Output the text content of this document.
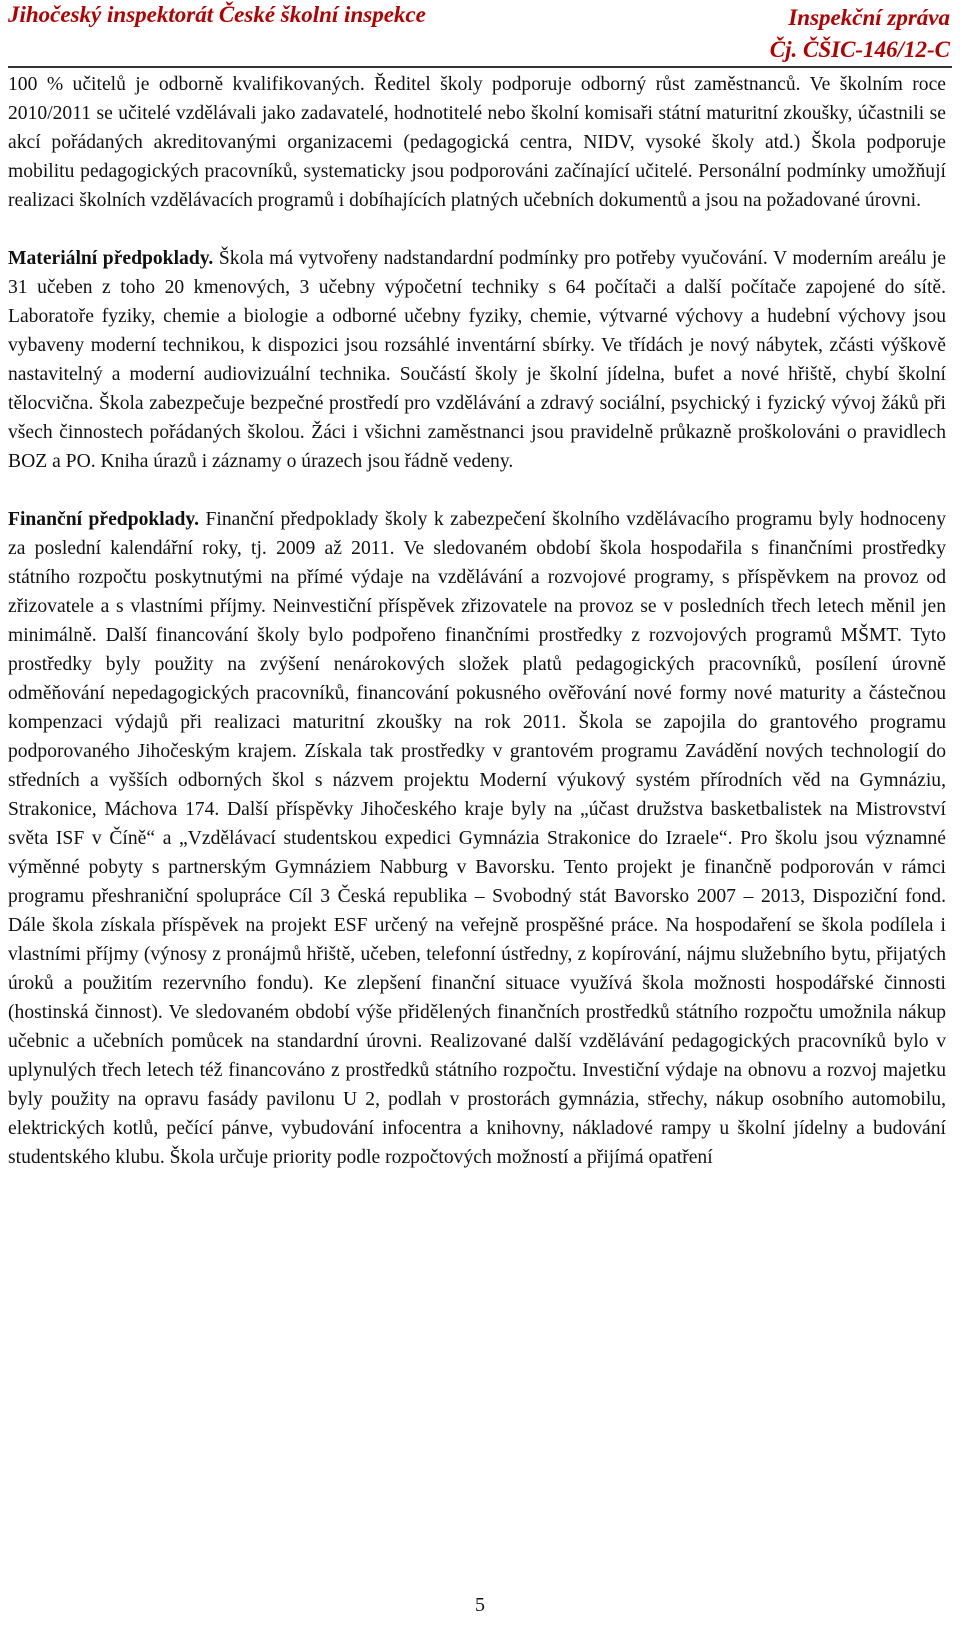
Jihočeský inspektorát České školní inspekce	Inspekční zpráva
Čj. ČŠIC-146/12-C

100 % učitelů je odborně kvalifikovaných. Ředitel školy podporuje odborný růst zaměstnanců. Ve školním roce 2010/2011 se učitelé vzdělávali jako zadavatelé, hodnotitelé nebo školní komisaři státní maturitní zkoušky, účastnili se akcí pořádaných akreditovanými organizacemi (pedagogická centra, NIDV, vysoké školy atd.) Škola podporuje mobilitu pedagogických pracovníků, systematicky jsou podporováni začínající učitelé. Personální podmínky umožňují realizaci školních vzdělávacích programů i dobíhajících platných učebních dokumentů a jsou na požadované úrovni.

Materiální předpoklady. Škola má vytvořeny nadstandardní podmínky pro potřeby vyučování. V moderním areálu je 31 učeben z toho 20 kmenových, 3 učebny výpočetní techniky s 64 počítači a další počítače zapojené do sítě. Laboratoře fyziky, chemie a biologie a odborné učebny fyziky, chemie, výtvarné výchovy a hudební výchovy jsou vybaveny moderní technikou, k dispozici jsou rozsáhlé inventární sbírky. Ve třídách je nový nábytek, zčásti výškově nastavitelný a moderní audiovizuální technika. Součástí školy je školní jídelna, bufet a nové hřiště, chybí školní tělocvična. Škola zabezpečuje bezpečné prostředí pro vzdělávání a zdravý sociální, psychický i fyzický vývoj žáků při všech činnostech pořádaných školou. Žáci i všichni zaměstnanci jsou pravidelně průkazně proškolováni o pravidlech BOZ a PO. Kniha úrazů i záznamy o úrazech jsou řádně vedeny.

Finanční předpoklady. Finanční předpoklady školy k zabezpečení školního vzdělávacího programu byly hodnoceny za poslední kalendářní roky, tj. 2009 až 2011. Ve sledovaném období škola hospodařila s finančními prostředky státního rozpočtu poskytnutými na přímé výdaje na vzdělávání a rozvojové programy, s příspěvkem na provoz od zřizovatele a s vlastními příjmy. Neinvestiční příspěvek zřizovatele na provoz se v posledních třech letech měnil jen minimálně. Další financování školy bylo podpořeno finančními prostředky z rozvojových programů MŠMT. Tyto prostředky byly použity na zvýšení nenárokových složek platů pedagogických pracovníků, posílení úrovně odměňování nepedagogických pracovníků, financování pokusného ověřování nové formy nové maturity a částečnou kompenzaci výdajů při realizaci maturitní zkoušky na rok 2011. Škola se zapojila do grantového programu podporovaného Jihočeským krajem. Získala tak prostředky v grantovém programu Zavádění nových technologií do středních a vyšších odborných škol s názvem projektu Moderní výukový systém přírodních věd na Gymnáziu, Strakonice, Máchova 174. Další příspěvky Jihočeského kraje byly na „účast družstva basketbalistek na Mistrovství světa ISF v Číně“ a „Vzdělávací studentskou expedici Gymnázia Strakonice do Izraele“. Pro školu jsou významné výměnné pobyty s partnerským Gymnáziem Nabburg v Bavorsku. Tento projekt je finančně podporován v rámci programu přeshraniční spolupráce Cíl 3 Česká republika – Svobodný stát Bavorsko 2007 – 2013, Dispoziční fond. Dále škola získala příspěvek na projekt ESF určený na veřejně prospěšné práce. Na hospodaření se škola podílela i vlastními příjmy (výnosy z pronájmů hřiště, učeben, telefonní ústředny, z kopírování, nájmu služebního bytu, přijatých úroků a použitím rezervního fondu). Ke zlepšení finanční situace využívá škola možnosti hospodářské činnosti (hostinská činnost). Ve sledovaném období výše přidělených finančních prostředků státního rozpočtu umožnila nákup učebnic a učebních pomůcek na standardní úrovni. Realizované další vzdělávání pedagogických pracovníků bylo v uplynulých třech letech též financováno z prostředků státního rozpočtu. Investiční výdaje na obnovu a rozvoj majetku byly použity na opravu fasády pavilonu U 2, podlah v prostorách gymnázia, střechy, nákup osobního automobilu, elektrických kotlů, pečící pánve, vybudování infocentra a knihovny, nákladové rampy u školní jídelny a budování studentského klubu. Škola určuje priority podle rozpočtových možností a přijímá opatření

5
